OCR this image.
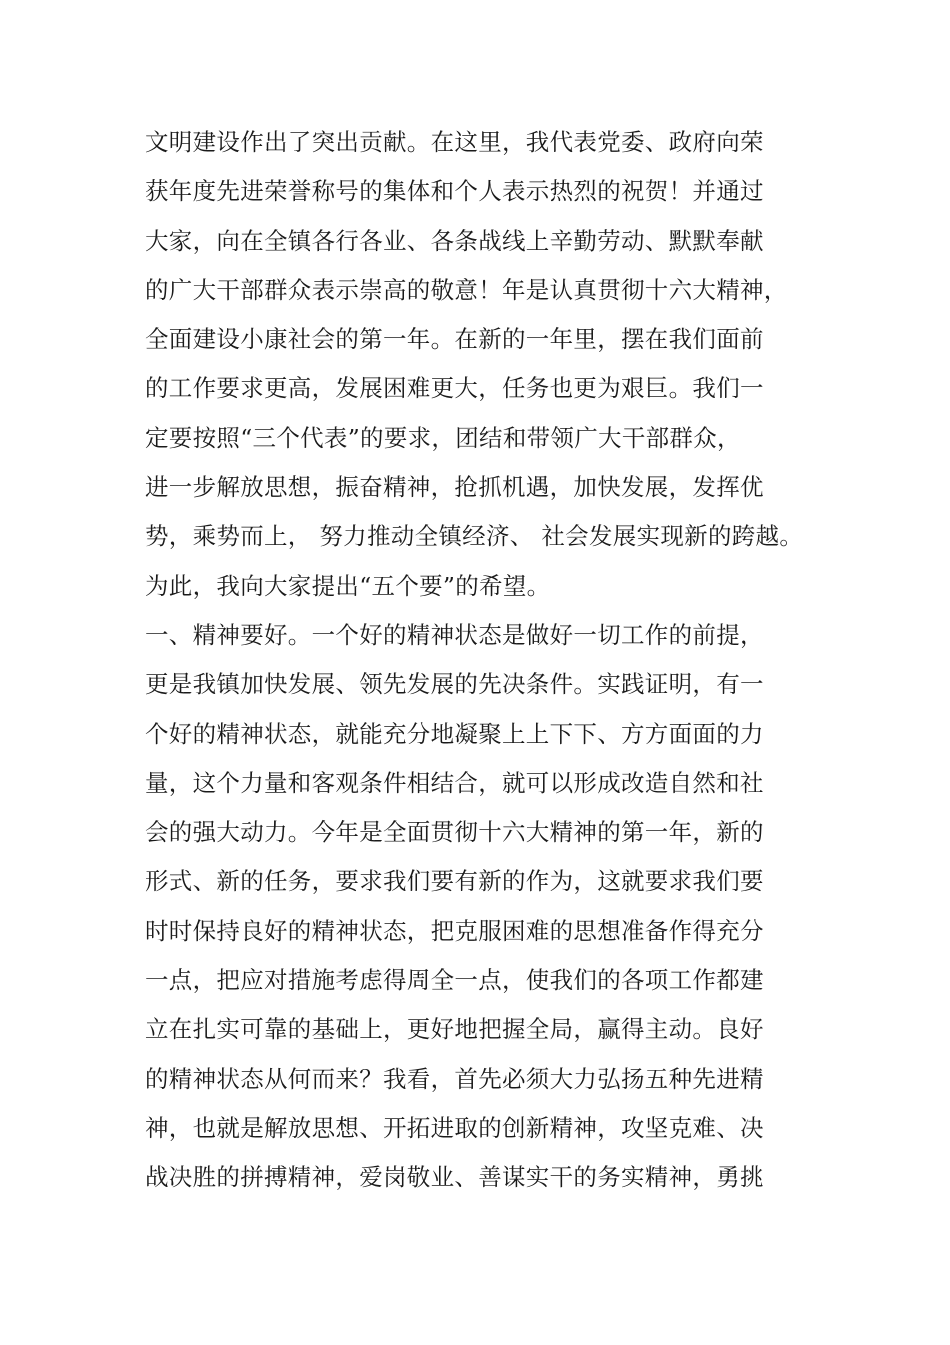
文明建设作出了突出贡献。在这里，我代表党委、政府向荣
获年度先进荣誉称号的集体和个人表示热烈的祝贺！并通过
大家，向在全镇各行各业、各条战线上辛勤劳动、默默奉献
的广大干部群众表示崇高的敬意！年是认真贯彻十六大精神，
全面建设小康社会的第一年。在新的一年里，摆在我们面前
的工作要求更高，发展困难更大，任务也更为艰巨。我们一
定要按照“三个代表”的要求，团结和带领广大干部群众，
进一步解放思想，振奋精神，抢抓机遇，加快发展，发挥优
势，乘势而上， 努力推动全镇经济、 社会发展实现新的跨越。
为此，我向大家提出“五个要”的希望。
一、精神要好。一个好的精神状态是做好一切工作的前提，
更是我镇加快发展、领先发展的先决条件。实践证明，有一
个好的精神状态，就能充分地凝聚上上下下、方方面面的力
量，这个力量和客观条件相结合，就可以形成改造自然和社
会的强大动力。今年是全面贯彻十六大精神的第一年，新的
形式、新的任务，要求我们要有新的作为，这就要求我们要
时时保持良好的精神状态，把克服困难的思想准备作得充分
一点，把应对措施考虑得周全一点，使我们的各项工作都建
立在扎实可靠的基础上，更好地把握全局，赢得主动。良好
的精神状态从何而来？我看，首先必须大力弘扬五种先进精
神，也就是解放思想、开拓进取的创新精神，攻坚克难、决
战决胜的拼搏精神，爱岗敬业、善谋实干的务实精神，勇挑
